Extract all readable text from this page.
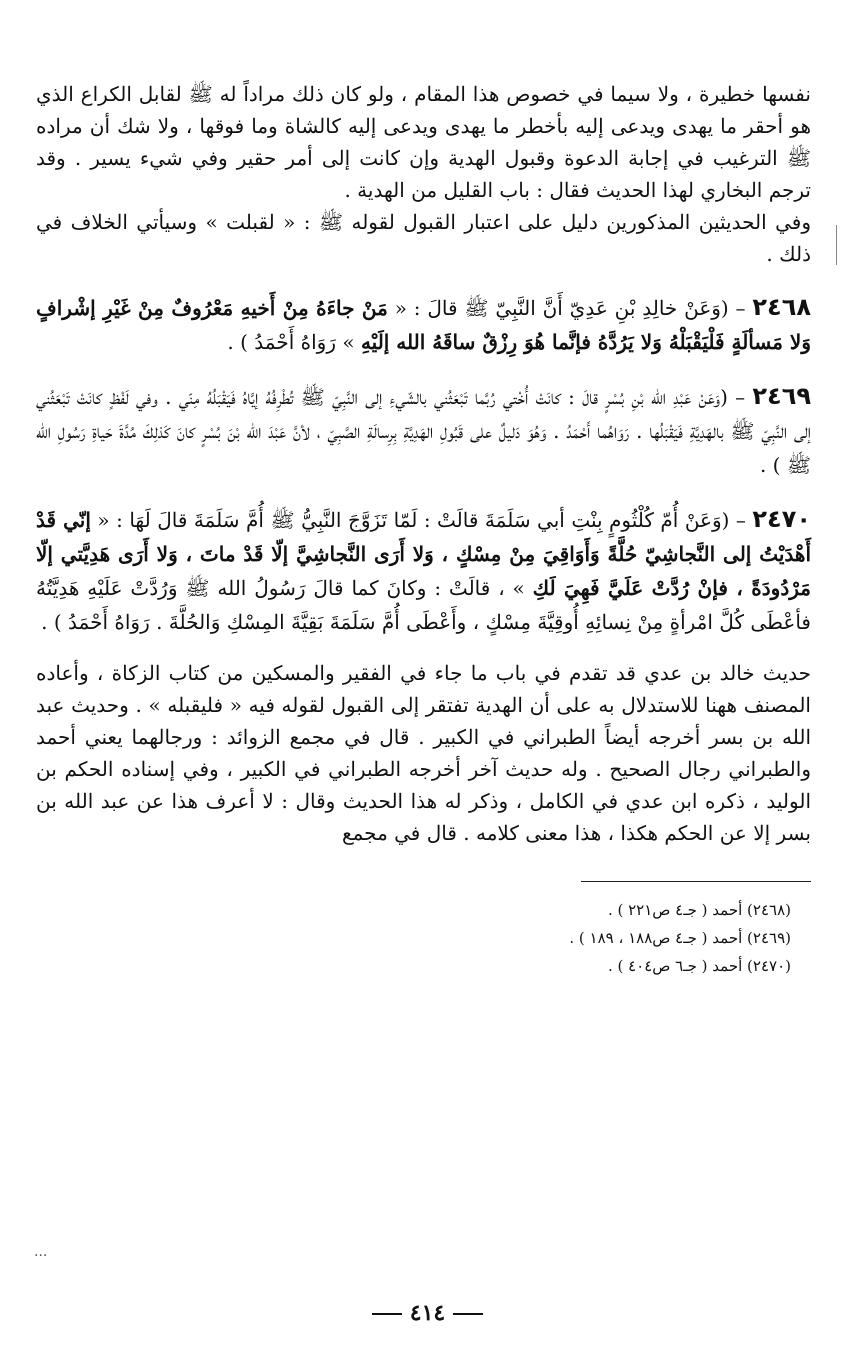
نفسها خطيرة ، ولا سيما في خصوص هذا المقام ، ولو كان ذلك مراداً له ﷺ لقابل الكراع الذي هو أحقر ما يهدى ويدعى إليه بأخطر ما يهدى ويدعى إليه كالشاة وما فوقها ، ولا شك أن مراده ﷺ الترغيب في إجابة الدعوة وقبول الهدية وإن كانت إلى أمر حقير وفي شيء يسير . وقد ترجم البخاري لهذا الحديث فقال : باب القليل من الهدية .

وفي الحديثين المذكورين دليل على اعتبار القبول لقوله ﷺ : « لقبلت » وسيأتي الخلاف في ذلك .

٢٤٦٨ – (وَعَنْ خالِدِ بْنِ عَدِيّ أَنَّ النَّبِيّ ﷺ قالَ : « مَنْ جاءَهُ مِنْ أَخيهِ مَعْرُوفٌ مِنْ غَيْرِ إشْرافٍ وَلا مَسألَةٍ فَلْيَقْبَلْهُ وَلا يَرُدَّهُ فإنَّما هُوَ رِزْقٌ ساقَهُ الله إلَيْهِ » رَوَاهُ أَحْمَدُ ) .

٢٤٦٩ – (وَعَنْ عَبْدِ الله بْنِ بُسْرٍ قالَ : كانَتْ أُخْتي رُبَّما تَبْعَثُني بالشّيءِ إلى النَّبِيّ ﷺ تُطْرِفُهُ إيَّاهُ فَيَقْبَلُهُ مِنّي . وفي لَفْظٍ كانَتْ تَبْعَثُني إلى النَّبِيّ ﷺ بالهَدِيَّةِ فَيَقْبَلُها . رَوَاهُما أَحْمَدُ . وَهُوَ دَليلٌ على قَبُولِ الهَدِيَّةِ بِرِسالَةِ الصَّبِيّ ، لأنَّ عَبْدَ الله بْنَ بُسْرٍ كانَ كَذلِكَ مُدَّةَ حَياةِ رَسُولِ الله ﷺ ) .

٢٤٧٠ – (وَعَنْ أُمّ كُلْثُومٍ بِنْتِ أبي سَلَمَةَ قالَتْ : لَمّا تَزَوَّجَ النَّبِيُّ ﷺ أُمَّ سَلَمَةَ قالَ لَهَا : « إنّي قَدْ أَهْدَيْتُ إلى النَّجاشِيّ حُلَّةً وَأَوَاقِيَ مِنْ مِسْكٍ ، وَلا أَرَى النَّجاشِيَّ إلّا قَدْ ماتَ ، وَلا أَرَى هَدِيَّتي إلّا مَرْدُودَةً ، فإنْ رُدَّتْ عَلَيَّ فَهِيَ لَكِ » ، قالَتْ : وكانَ كما قالَ رَسُولُ الله ﷺ وَرُدَّتْ عَلَيْهِ هَدِيَّتُهُ فأعْطَى كُلَّ امْرأةٍ مِنْ نِسائِهِ أُوقِيَّةَ مِسْكٍ ، وأَعْطَى أُمَّ سَلَمَةَ بَقِيَّةَ المِسْكِ وَالحُلَّةَ . رَوَاهُ أَحْمَدُ ) .

حديث خالد بن عدي قد تقدم في باب ما جاء في الفقير والمسكين من كتاب الزكاة ، وأعاده المصنف ههنا للاستدلال به على أن الهدية تفتقر إلى القبول لقوله فيه « فليقبله » . وحديث عبد الله بن بسر أخرجه أيضاً الطبراني في الكبير . قال في مجمع الزوائد : ورجالهما يعني أحمد والطبراني رجال الصحيح . وله حديث آخر أخرجه الطبراني في الكبير ، وفي إسناده الحكم بن الوليد ، ذكره ابن عدي في الكامل ، وذكر له هذا الحديث وقال : لا أعرف هذا عن عبد الله بن بسر إلا عن الحكم هكذا ، هذا معنى كلامه . قال في مجمع

(٢٤٦٨) أحمد ( جـ٤ ص٢٢١ ) .

(٢٤٦٩) أحمد ( جـ٤ ص١٨٨ ، ١٨٩ ) .

(٢٤٧٠) أحمد ( جـ٦ ص٤٠٤ ) .

...
٤١٤
